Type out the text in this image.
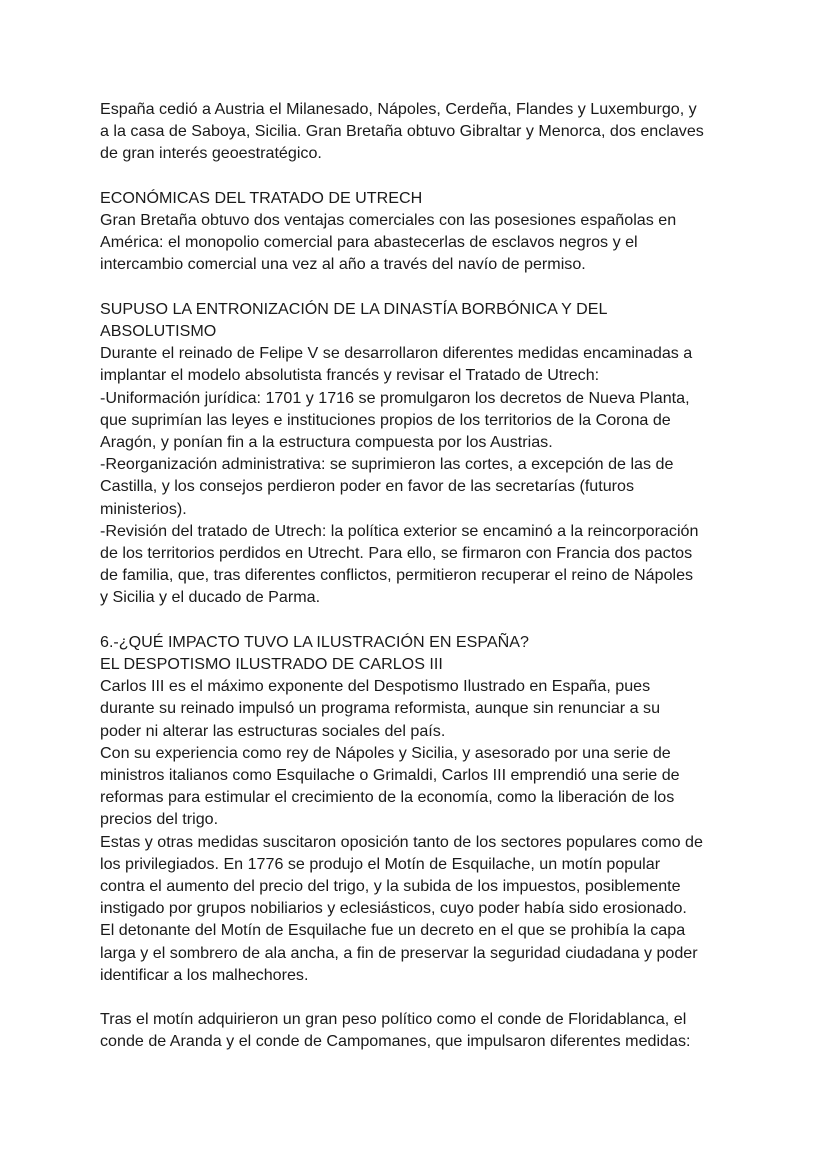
España cedió a Austria el Milanesado, Nápoles, Cerdeña, Flandes y Luxemburgo, y
a la casa de Saboya, Sicilia. Gran Bretaña obtuvo Gibraltar y Menorca, dos enclaves
de gran interés geoestratégico.
ECONÓMICAS DEL TRATADO DE UTRECH
Gran Bretaña obtuvo dos ventajas comerciales con las posesiones españolas en
América: el monopolio comercial para abastecerlas de esclavos negros y el
intercambio comercial una vez al año a través del navío de permiso.
SUPUSO LA ENTRONIZACIÓN DE LA DINASTÍA BORBÓNICA Y DEL
ABSOLUTISMO
Durante el reinado de Felipe V se desarrollaron diferentes medidas encaminadas a
implantar el modelo absolutista francés y revisar el Tratado de Utrech:
-Uniformación jurídica: 1701 y 1716 se promulgaron los decretos de Nueva Planta,
que suprimían las leyes e instituciones propios de los territorios de la Corona de
Aragón, y ponían fin a la estructura compuesta por los Austrias.
-Reorganización administrativa: se suprimieron las cortes, a excepción de las de
Castilla, y los consejos perdieron poder en favor de las secretarías (futuros
ministerios).
-Revisión del tratado de Utrech: la política exterior se encaminó a la reincorporación
de los territorios perdidos en Utrecht. Para ello, se firmaron con Francia dos pactos
de familia, que, tras diferentes conflictos, permitieron recuperar el reino de Nápoles
y Sicilia y el ducado de Parma.
6.-¿QUÉ IMPACTO TUVO LA ILUSTRACIÓN EN ESPAÑA?
EL DESPOTISMO ILUSTRADO DE CARLOS III
Carlos III es el máximo exponente del Despotismo Ilustrado en España, pues
durante su reinado impulsó un programa reformista, aunque sin renunciar a su
poder ni alterar las estructuras sociales del país.
Con su experiencia como rey de Nápoles y Sicilia, y asesorado por una serie de
ministros italianos como Esquilache o Grimaldi, Carlos III emprendió una serie de
reformas para estimular el crecimiento de la economía, como la liberación de los
precios del trigo.
Estas y otras medidas suscitaron oposición tanto de los sectores populares como de
los privilegiados. En 1776 se produjo el Motín de Esquilache, un motín popular
contra el aumento del precio del trigo, y la subida de los impuestos, posiblemente
instigado por grupos nobiliarios y eclesiásticos, cuyo poder había sido erosionado.
El detonante del Motín de Esquilache fue un decreto en el que se prohibía la capa
larga y el sombrero de ala ancha, a fin de preservar la seguridad ciudadana y poder
identificar a los malhechores.
Tras el motín adquirieron un gran peso político como el conde de Floridablanca, el
conde de Aranda y el conde de Campomanes, que impulsaron diferentes medidas:
